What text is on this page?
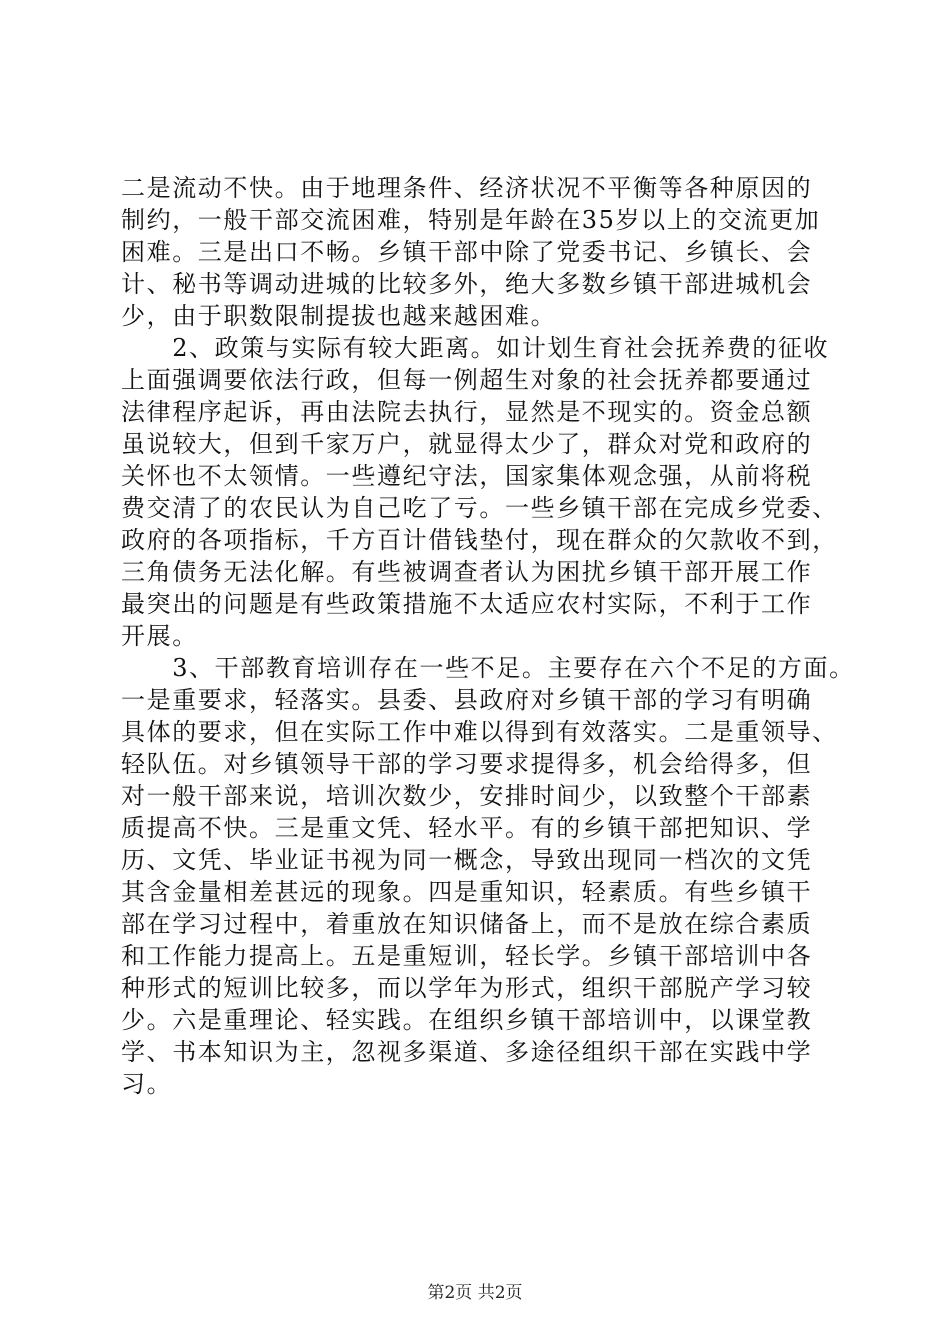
二是流动不快。由于地理条件、经济状况不平衡等各种原因的
制约，一般干部交流困难，特别是年龄在35岁以上的交流更加
困难。三是出口不畅。乡镇干部中除了党委书记、乡镇长、会
计、秘书等调动进城的比较多外，绝大多数乡镇干部进城机会
少，由于职数限制提拔也越来越困难。
　　2、政策与实际有较大距离。如计划生育社会抚养费的征收
上面强调要依法行政，但每一例超生对象的社会抚养都要通过
法律程序起诉，再由法院去执行，显然是不现实的。资金总额
虽说较大，但到千家万户，就显得太少了，群众对党和政府的
关怀也不太领情。一些遵纪守法，国家集体观念强，从前将税
费交清了的农民认为自己吃了亏。一些乡镇干部在完成乡党委、
政府的各项指标，千方百计借钱垫付，现在群众的欠款收不到，
三角债务无法化解。有些被调查者认为困扰乡镇干部开展工作
最突出的问题是有些政策措施不太适应农村实际，不利于工作
开展。
　　3、干部教育培训存在一些不足。主要存在六个不足的方面。
一是重要求，轻落实。县委、县政府对乡镇干部的学习有明确
具体的要求，但在实际工作中难以得到有效落实。二是重领导、
轻队伍。对乡镇领导干部的学习要求提得多，机会给得多，但
对一般干部来说，培训次数少，安排时间少，以致整个干部素
质提高不快。三是重文凭、轻水平。有的乡镇干部把知识、学
历、文凭、毕业证书视为同一概念，导致出现同一档次的文凭
其含金量相差甚远的现象。四是重知识，轻素质。有些乡镇干
部在学习过程中，着重放在知识储备上，而不是放在综合素质
和工作能力提高上。五是重短训，轻长学。乡镇干部培训中各
种形式的短训比较多，而以学年为形式，组织干部脱产学习较
少。六是重理论、轻实践。在组织乡镇干部培训中，以课堂教
学、书本知识为主，忽视多渠道、多途径组织干部在实践中学
习。
第2页 共2页
